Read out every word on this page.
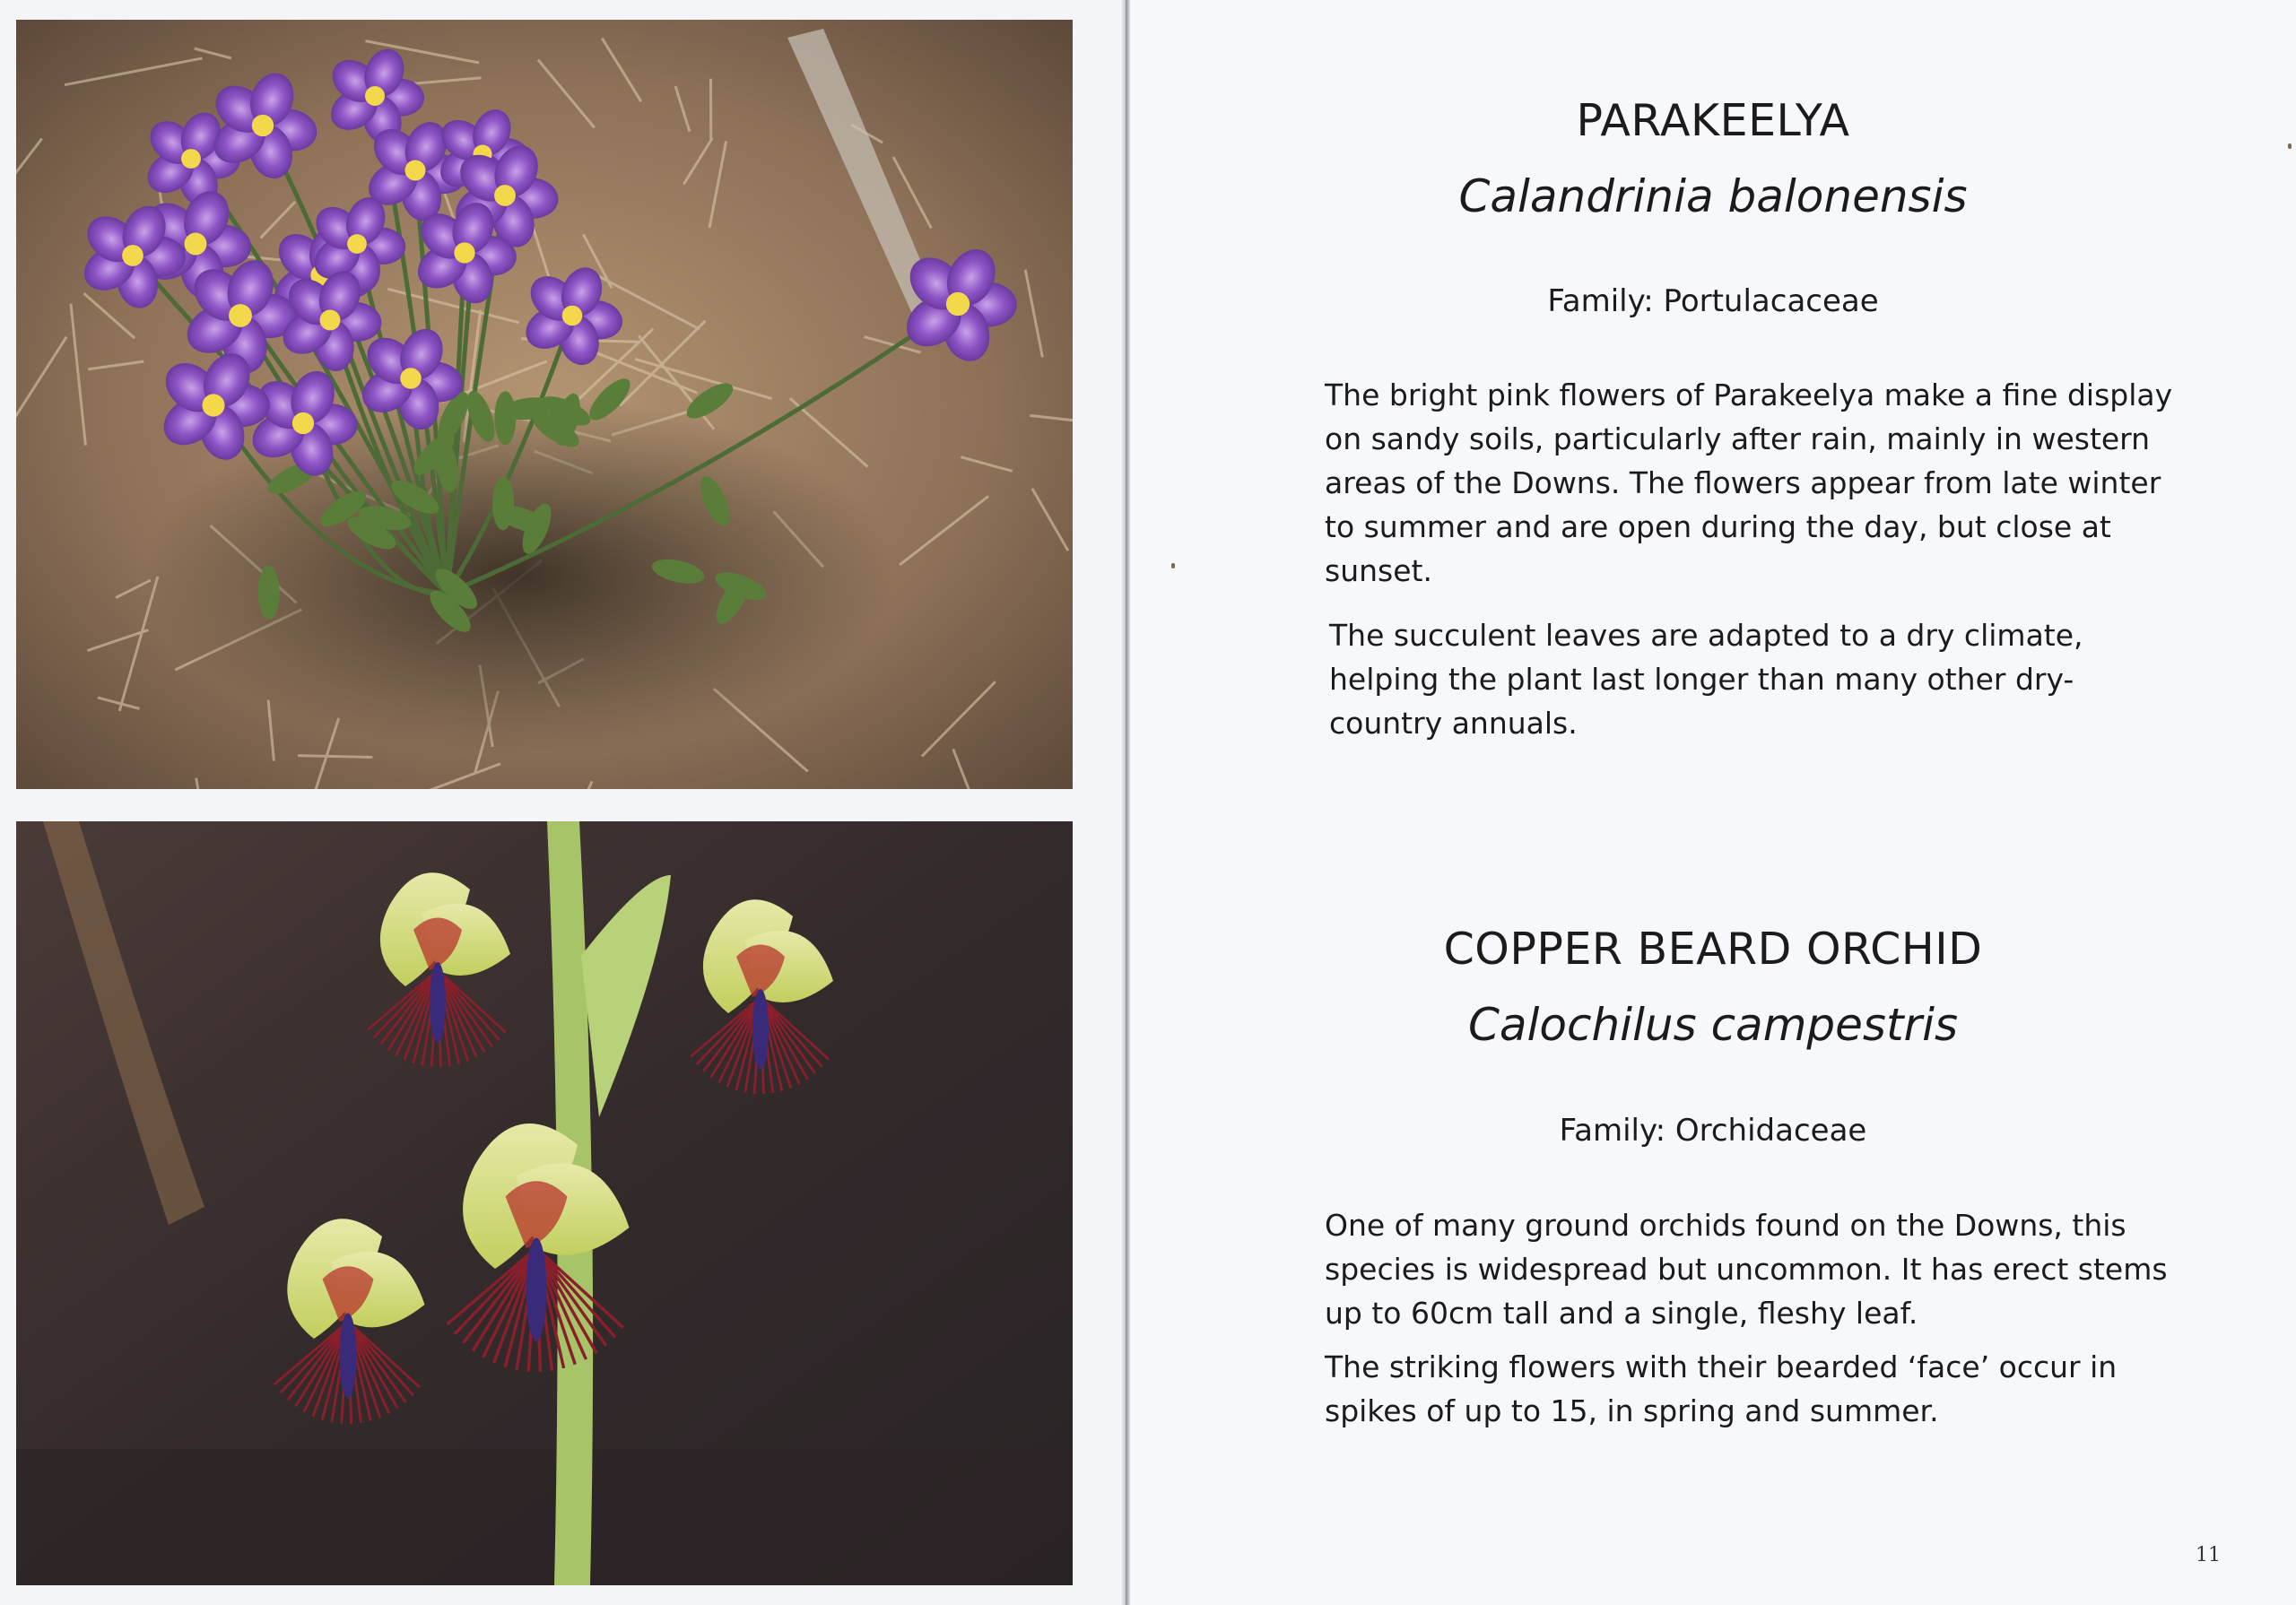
PARAKEELYA
Calandrinia balonensis

Family: Portulacaceae

The bright pink flowers of Parakeelya make a fine display
on sandy soils, particularly after rain, mainly in western
areas of the Downs. The flowers appear from late winter
to summer and are open during the day, but close at
sunset.
The succulent leaves are adapted to a dry climate,
helping the plant last longer than many other dry-
country annuals.
COPPER BEARD ORCHID
Calochilus campestris

Family: Orchidaceae

One of many ground orchids found on the Downs, this
species is widespread but uncommon. It has erect stems
up to 60cm tall and a single, fleshy leaf.
The striking flowers with their bearded ‘face’ occur in
spikes of up to 15, in spring and summer.
11
